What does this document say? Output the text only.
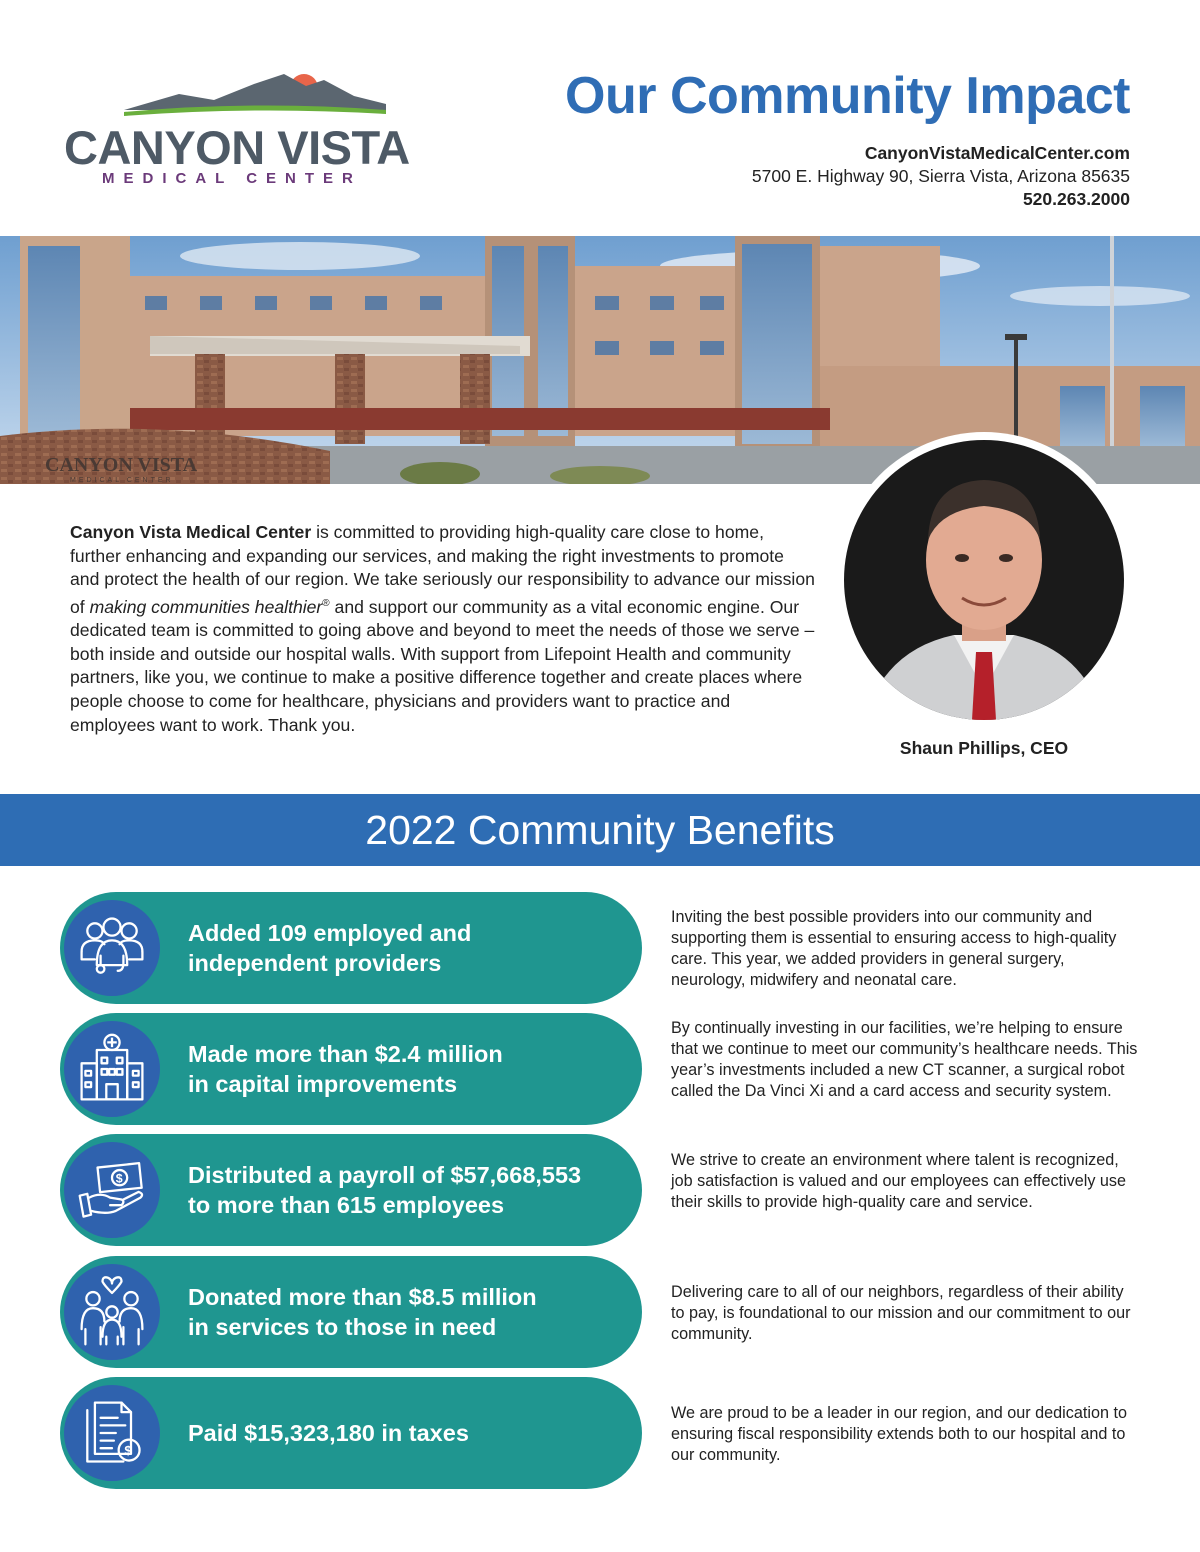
CANYON VISTA
MEDICAL CENTER
Our Community Impact
CanyonVistaMedicalCenter.com
5700 E. Highway 90, Sierra Vista, Arizona 85635
520.263.2000
CANYON VISTA
MEDICAL CENTER
Shaun Phillips, CEO

Canyon Vista Medical Center is committed to providing high-quality care close to home, further enhancing and expanding our services, and making the right investments to promote and protect the health of our region. We take seriously our responsibility to advance our mission of making communities healthier® and support our community as a vital economic engine. Our dedicated team is committed to going above and beyond to meet the needs of those we serve – both inside and outside our hospital walls. With support from Lifepoint Health and community partners, like you, we continue to make a positive difference together and create places where people choose to come for healthcare, physicians and providers want to practice and employees want to work. Thank you.

2022 Community Benefits
Added 109 employed and
independent providers
Inviting the best possible providers into our community and supporting them is essential to ensuring access to high-quality care. This year, we added providers in general surgery, neurology, midwifery and neonatal care.
Made more than $2.4 million
in capital improvements
By continually investing in our facilities, we’re helping to ensure that we continue to meet our community’s healthcare needs. This year’s investments included a new CT scanner, a surgical robot called the Da Vinci Xi and a card access and security system.
$	Distributed a payroll of $57,668,553
to more than 615 employees
We strive to create an environment where talent is recognized, job satisfaction is valued and our employees can effectively use their skills to provide high-quality care and service.
Donated more than $8.5 million
in services to those in need
Delivering care to all of our neighbors, regardless of their ability to pay, is foundational to our mission and our commitment to our community.
$
Paid $15,323,180 in taxes
We are proud to be a leader in our region, and our dedication to ensuring fiscal responsibility extends both to our hospital and to our community.
